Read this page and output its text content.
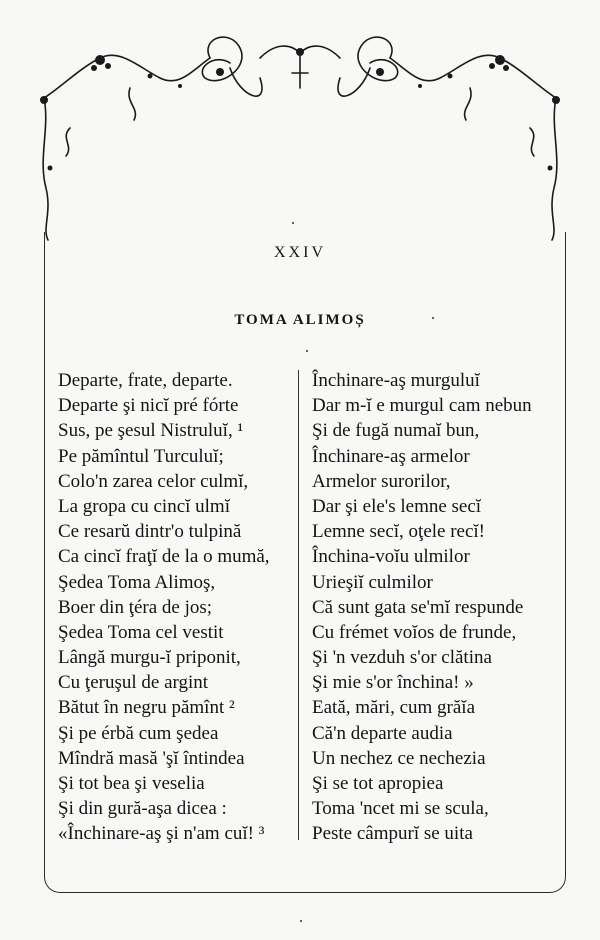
XXIV
TOMA ALIMOȘ
Departe, frate, departe.
Departe şi nicĭ pré fórte
Sus, pe şesul Nistruluĭ, ¹
Pe pămîntul Turculuĭ;
Colo'n zarea celor culmĭ,
La gropa cu cincĭ ulmĭ
Ce resarŭ dintr'o tulpină
Ca cincĭ fraţĭ de la o mumă,
Şedea Toma Alimoş,
Boer din ţéra de jos;
Şedea Toma cel vestit
Lângă murgu-ĭ priponit,
Cu ţeruşul de argint
Bătut în negru pămînt ²
Şi pe érbă cum şedea
Mîndră masă 'şĭ întindea
Şi tot bea şi veselia
Şi din gură-aşa dicea :
«Închinare-aş şi n'am cuĭ! ³
Închinare-aş murguluĭ
Dar m-ĭ e murgul cam nebun
Şi de fugă numaĭ bun,
Închinare-aş armelor
Armelor surorilor,
Dar şi ele's lemne secĭ
Lemne secĭ, oţele recĭ!
Închina-voĭu ulmilor
Urieşiĭ culmilor
Că sunt gata se'mĭ respunde
Cu frémet voĭos de frunde,
Şi 'n vezduh s'or clătina
Şi mie s'or închina! »
Eată, mări, cum grăĭa
Că'n departe audia
Un nechez ce nechezia
Şi se tot apropiea
Toma 'ncet mi se scula,
Peste câmpurĭ se uita
